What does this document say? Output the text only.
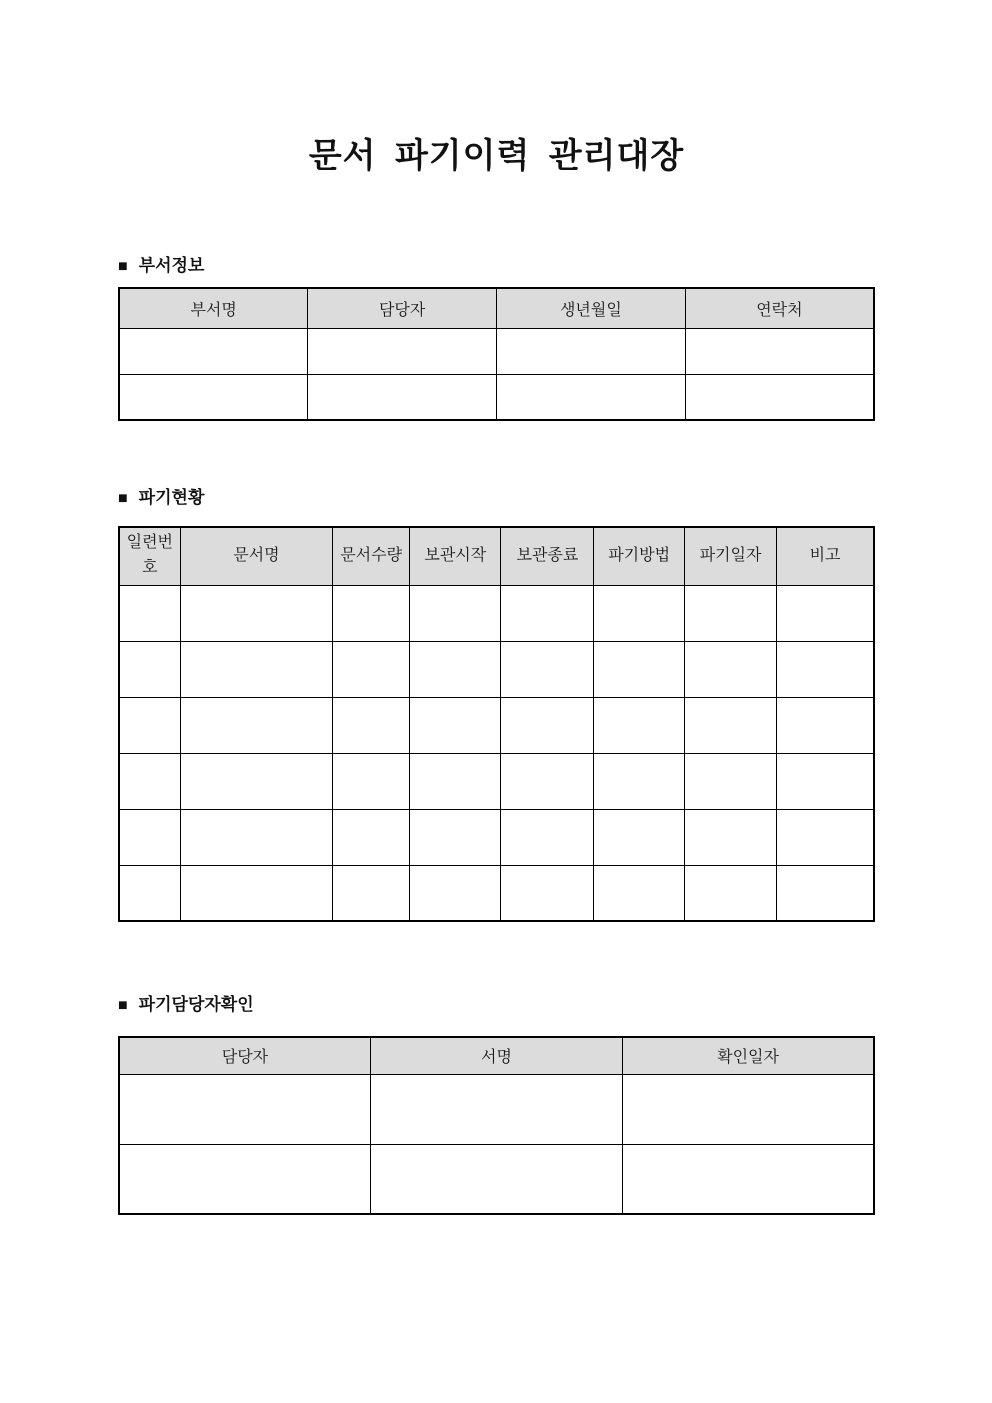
문서 파기이력 관리대장
■ 부서정보
부서명	담당자	생년월일	연락처

■ 파기현황
일련번호	문서명	문서수량	보관시작	보관종료	파기방법	파기일자	비고

■ 파기담당자확인
담당자	서명	확인일자
